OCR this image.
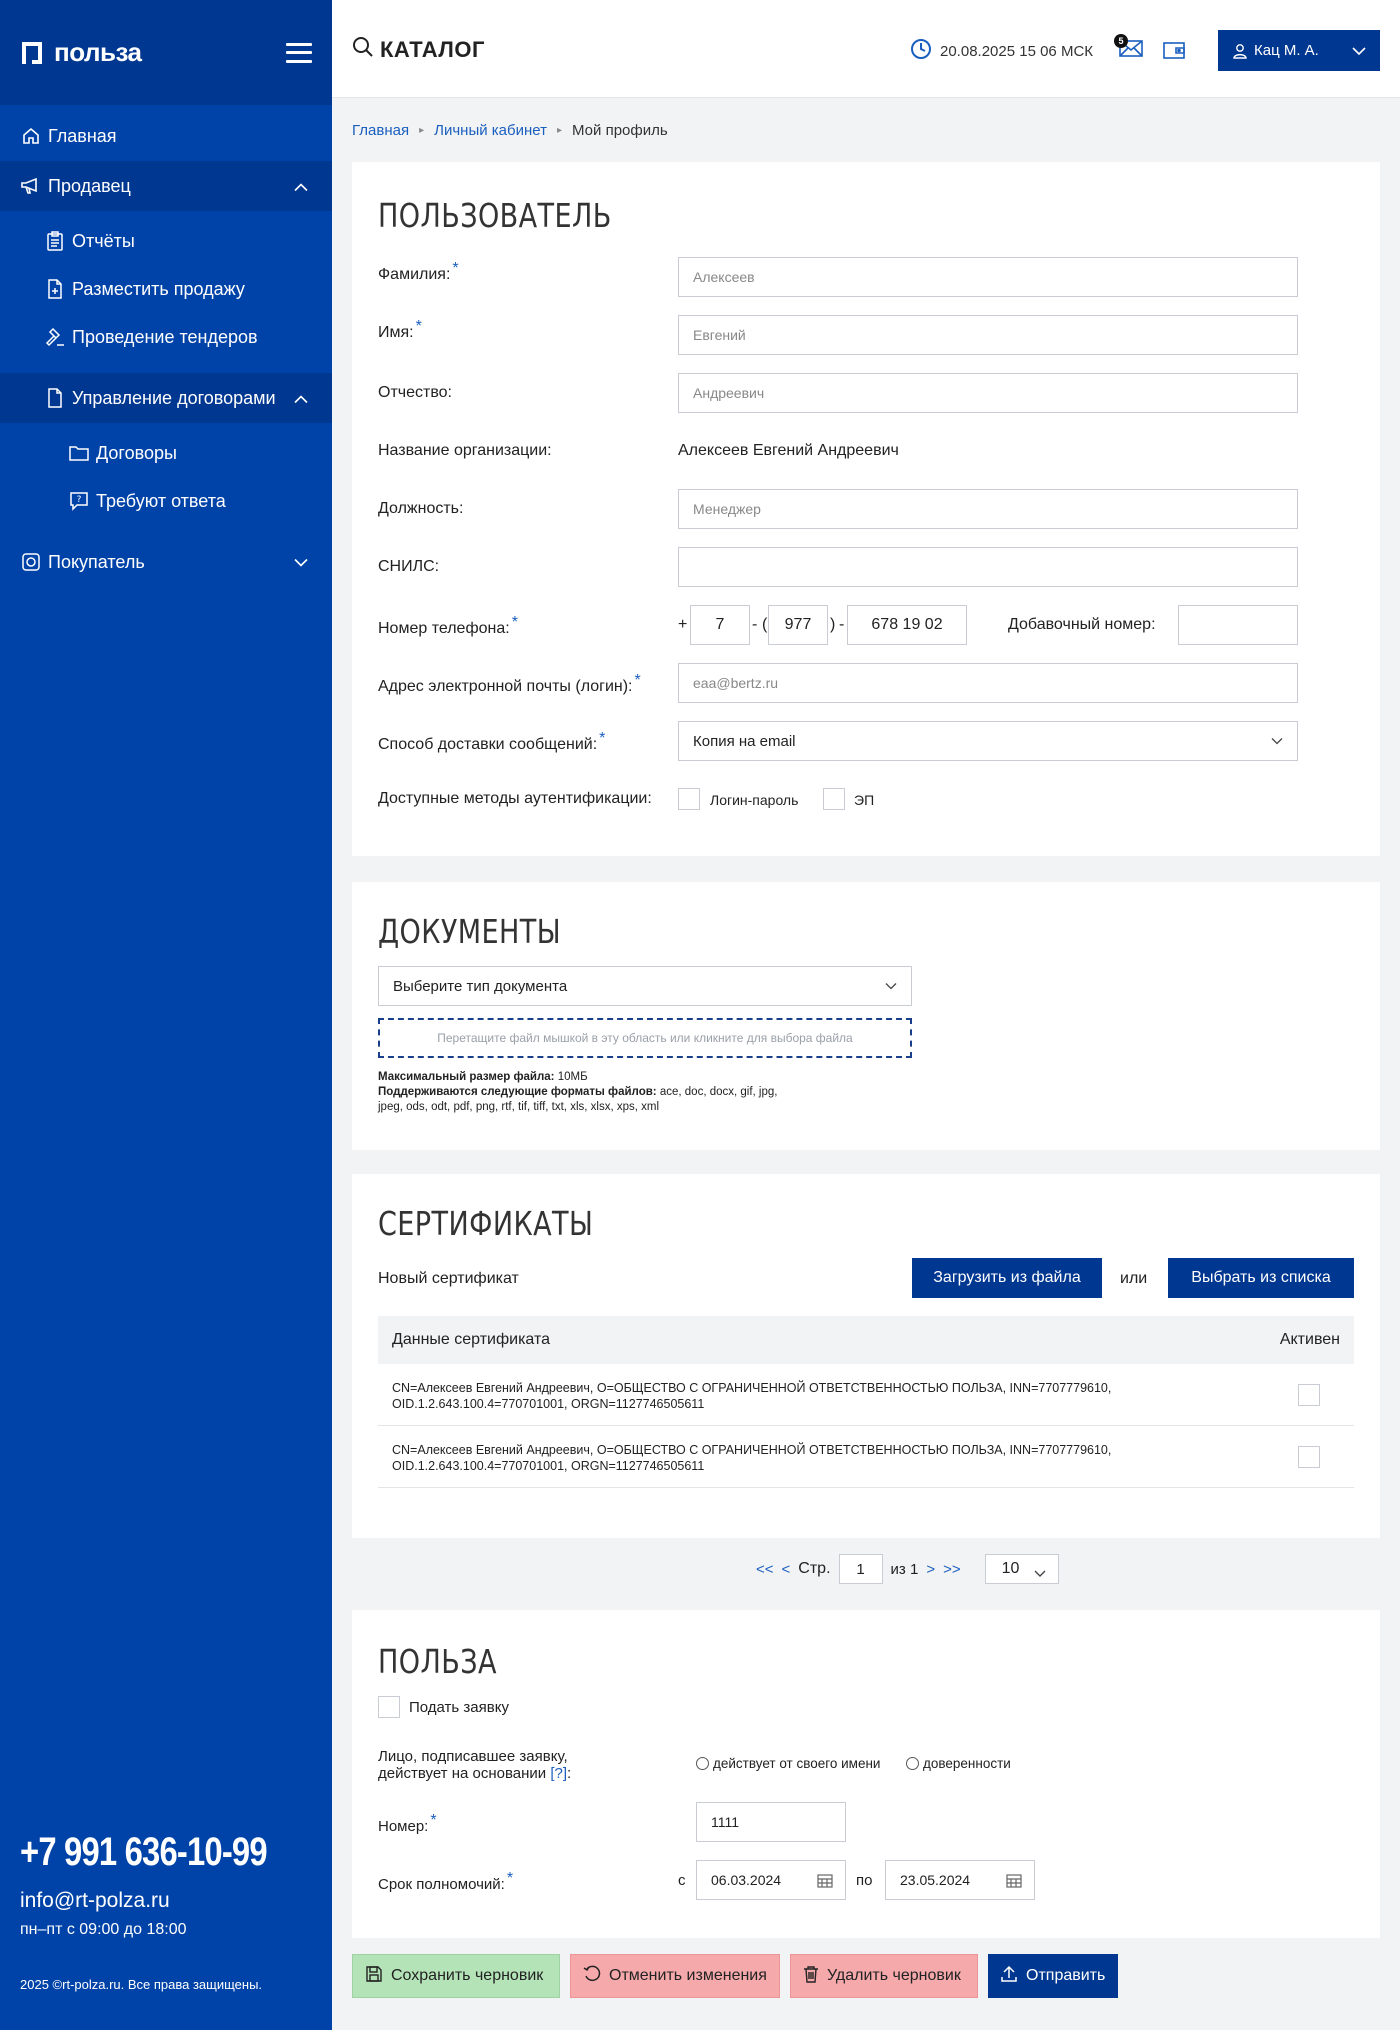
польза
Главная
Продавец
Отчёты
Разместить продажу
Проведение тендеров
Управление договорами
Договоры
? Требуют ответа
Покупатель
+7 991 636-10-99
info@rt-polza.ru
пн–пт с 09:00 до 18:00
2025 ©rt-polza.ru. Все права защищены.
КАТАЛОГ	20.08.2025 15 06 МСК
5
Кац М. А.
Главная ▸ Личный кабинет ▸ Мой профиль
ПОЛЬЗОВАТЕЛЬ
Фамилия: *	Алексеев
Имя: *	Евгений
Отчество:	Андреевич
Название организации:	Алексеев Евгений Андреевич
Должность:	Менеджер
СНИЛС:
Номер телефона: *	+	7	- (	977	) -	678 19 02	Добавочный номер:
Адрес электронной почты (логин): *	eaa@bertz.ru
Способ доставки сообщений: *	Копия на email
Доступные методы аутентификации:	Логин-пароль	ЭП
ДОКУМЕНТЫ
Выберите тип документа
Перетащите файл мышкой в эту область или кликните для выбора файла
Максимальный размер файла: 10МБ
Поддерживаются следующие форматы файлов: ace, doc, docx, gif, jpg, jpeg, ods, odt, pdf, png, rtf, tif, tiff, txt, xls, xlsx, xps, xml
СЕРТИФИКАТЫ
Новый сертификат	Загрузить из файла	или	Выбрать из списка
Данные сертификата	Активен
CN=Алексеев Евгений Андреевич, O=ОБЩЕСТВО С ОГРАНИЧЕННОЙ ОТВЕТСТВЕННОСТЬЮ ПОЛЬЗА, INN=7707779610, OID.1.2.643.100.4=770701001, ORGN=1127746505611
CN=Алексеев Евгений Андреевич, O=ОБЩЕСТВО С ОГРАНИЧЕННОЙ ОТВЕТСТВЕННОСТЬЮ ПОЛЬЗА, INN=7707779610, OID.1.2.643.100.4=770701001, ORGN=1127746505611
<< < Стр.	1	из 1 > >>	10
ПОЛЬЗА
Подать заявку
Лицо, подписавшее заявку,
действует на основании [?]:
действует от своего имени	доверенности
Номер: *	1111
Срок полномочий: *	с 06.03.2024	по 23.05.2024
Сохранить черновик	Отменить изменения	Удалить черновик	Отправить
